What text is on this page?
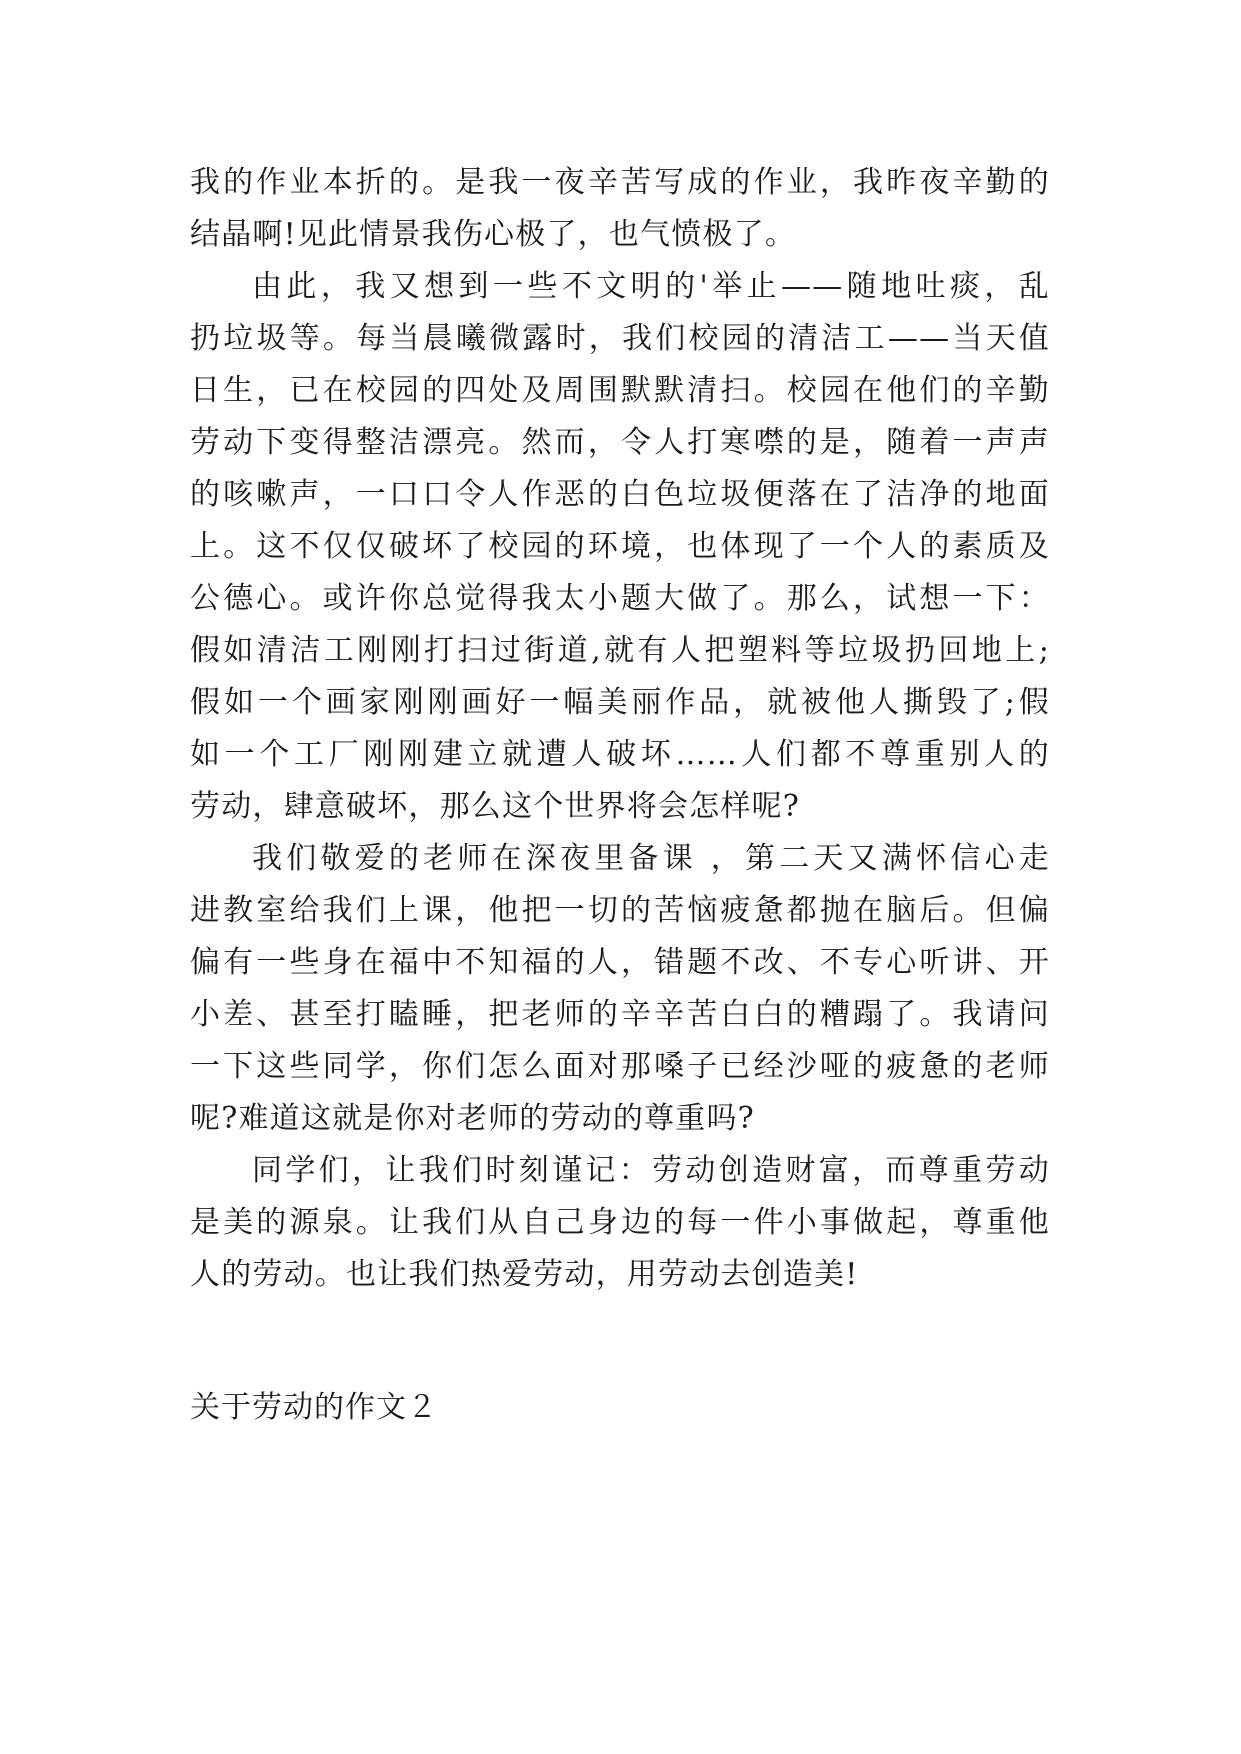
我的作业本折的。是我一夜辛苦写成的作业，我昨夜辛勤的
结晶啊!见此情景我伤心极了，也气愤极了。
由此，我又想到一些不文明的'举止——随地吐痰，乱
扔垃圾等。每当晨曦微露时，我们校园的清洁工——当天值
日生，已在校园的四处及周围默默清扫。校园在他们的辛勤
劳动下变得整洁漂亮。然而，令人打寒噤的是，随着一声声
的咳嗽声，一口口令人作恶的白色垃圾便落在了洁净的地面
上。这不仅仅破坏了校园的环境，也体现了一个人的素质及
公德心。或许你总觉得我太小题大做了。那么，试想一下：
假如清洁工刚刚打扫过街道,就有人把塑料等垃圾扔回地上;
假如一个画家刚刚画好一幅美丽作品，就被他人撕毁了;假
如一个工厂刚刚建立就遭人破坏……人们都不尊重别人的
劳动，肆意破坏，那么这个世界将会怎样呢?
我们敬爱的老师在深夜里备课 ，第二天又满怀信心走
进教室给我们上课，他把一切的苦恼疲惫都抛在脑后。但偏
偏有一些身在福中不知福的人，错题不改、不专心听讲、开
小差、甚至打瞌睡，把老师的辛辛苦白白的糟蹋了。我请问
一下这些同学，你们怎么面对那嗓子已经沙哑的疲惫的老师
呢?难道这就是你对老师的劳动的尊重吗?
同学们，让我们时刻谨记：劳动创造财富，而尊重劳动
是美的源泉。让我们从自己身边的每一件小事做起，尊重他
人的劳动。也让我们热爱劳动，用劳动去创造美!
关于劳动的作文２
